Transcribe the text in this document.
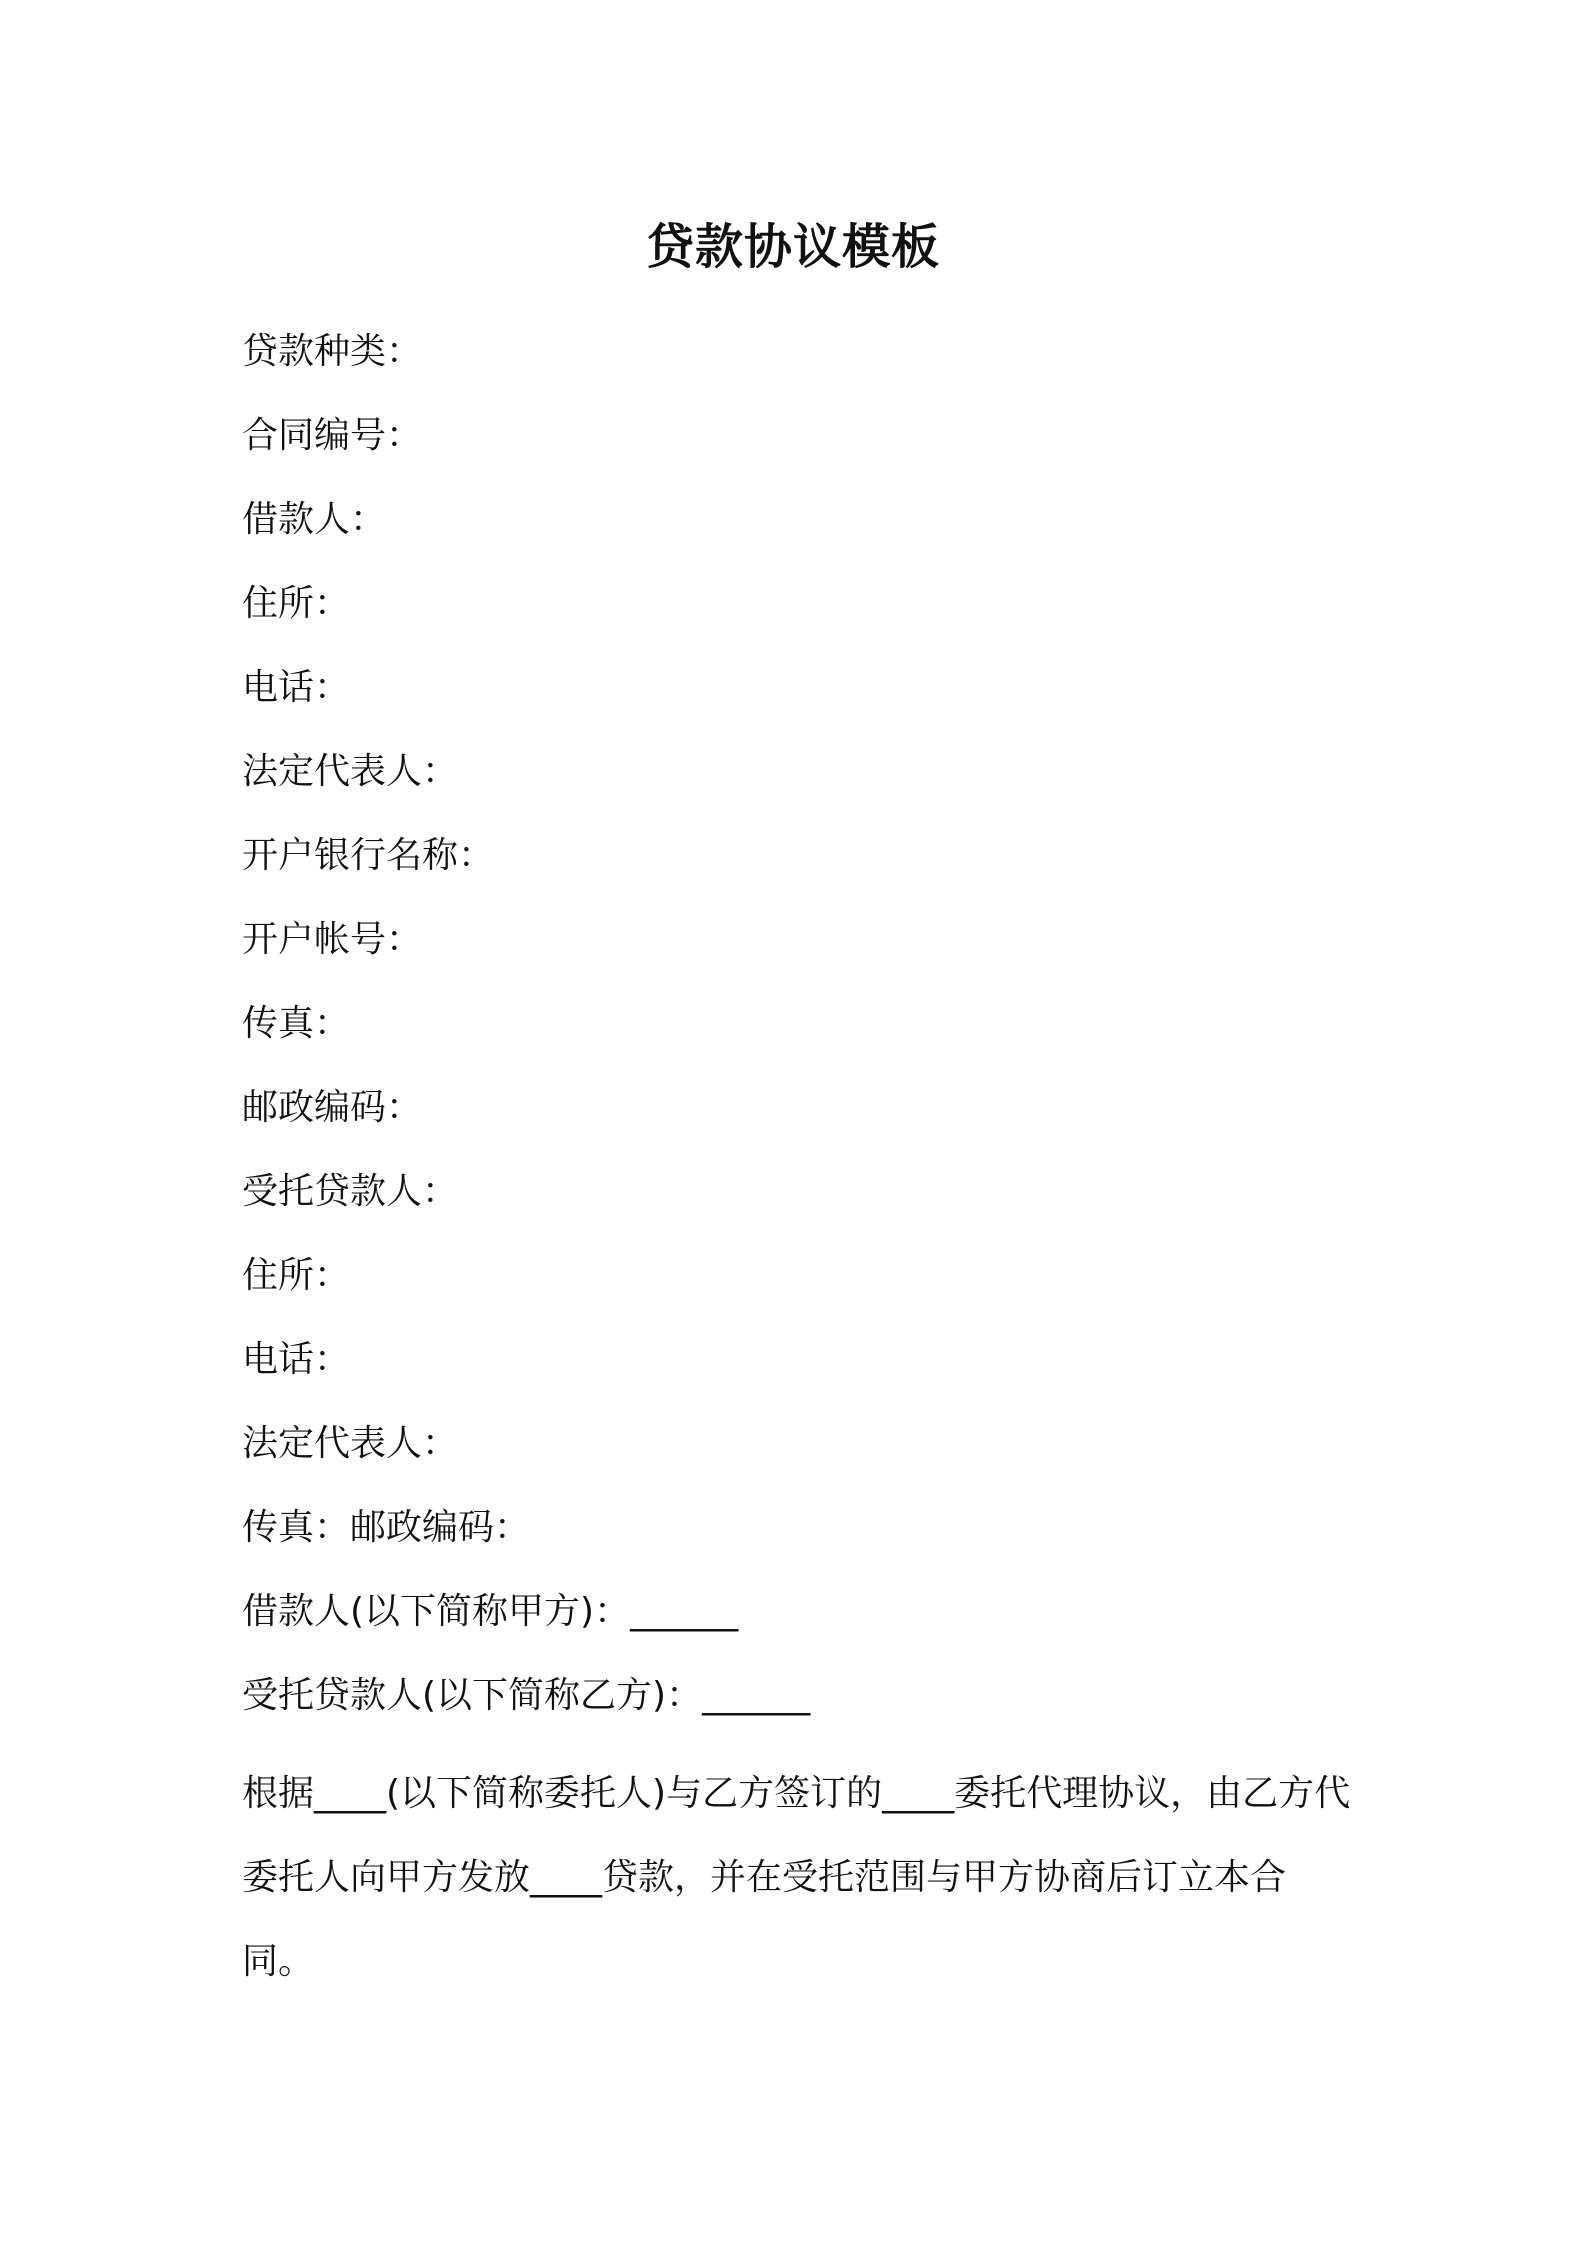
贷款协议模板

贷款种类：

合同编号：

借款人：

住所：

电话：

法定代表人：

开户银行名称：

开户帐号：

传真：

邮政编码：

受托贷款人：

住所：

电话：

法定代表人：

传真：邮政编码：

借款人(以下简称甲方)：______

受托贷款人(以下简称乙方)：______

根据____(以下简称委托人)与乙方签订的____委托代理协议，由乙方代委托人向甲方发放____贷款，并在受托范围与甲方协商后订立本合同。
